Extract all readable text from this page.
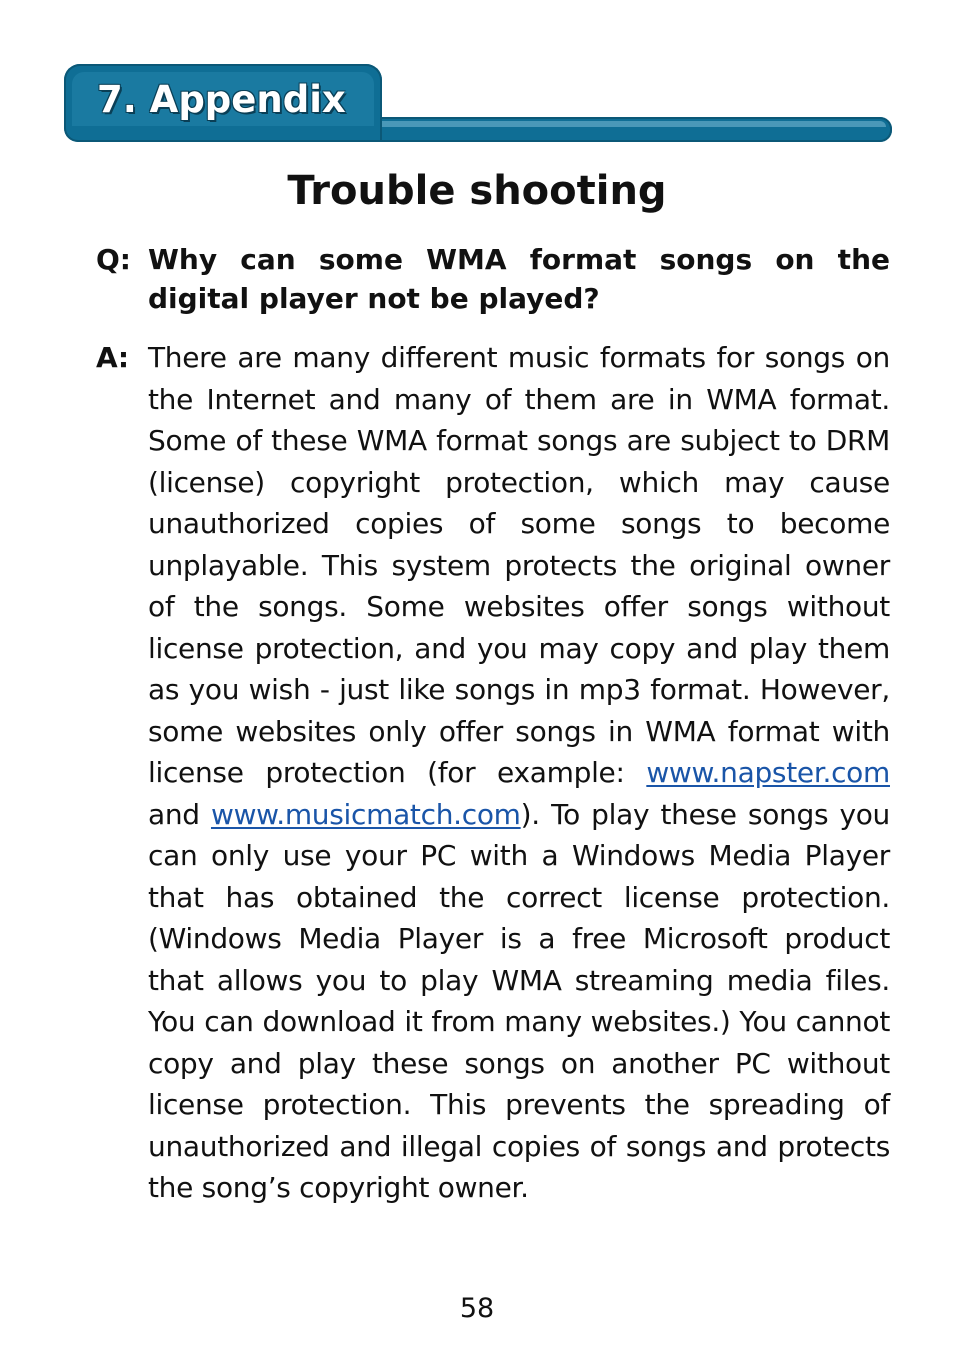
7. Appendix
Trouble shooting
Q: Why can some WMA format songs on the digital player not be played?
A: There are many different music formats for songs on the Internet and many of them are in WMA format. Some of these WMA format songs are subject to DRM (license) copyright protection, which may cause unauthorized copies of some songs to become unplayable. This system protects the original owner of the songs. Some websites offer songs without license protection, and you may copy and play them as you wish - just like songs in mp3 format. However, some websites only offer songs in WMA format with license protection (for example: www.napster.com and www.musicmatch.com). To play these songs you can only use your PC with a Windows Media Player that has obtained the correct license protection. (Windows Media Player is a free Microsoft product that allows you to play WMA streaming media files. You can download it from many websites.) You cannot copy and play these songs on another PC without license protection. This prevents the spreading of unauthorized and illegal copies of songs and protects the song’s copyright owner.
58
